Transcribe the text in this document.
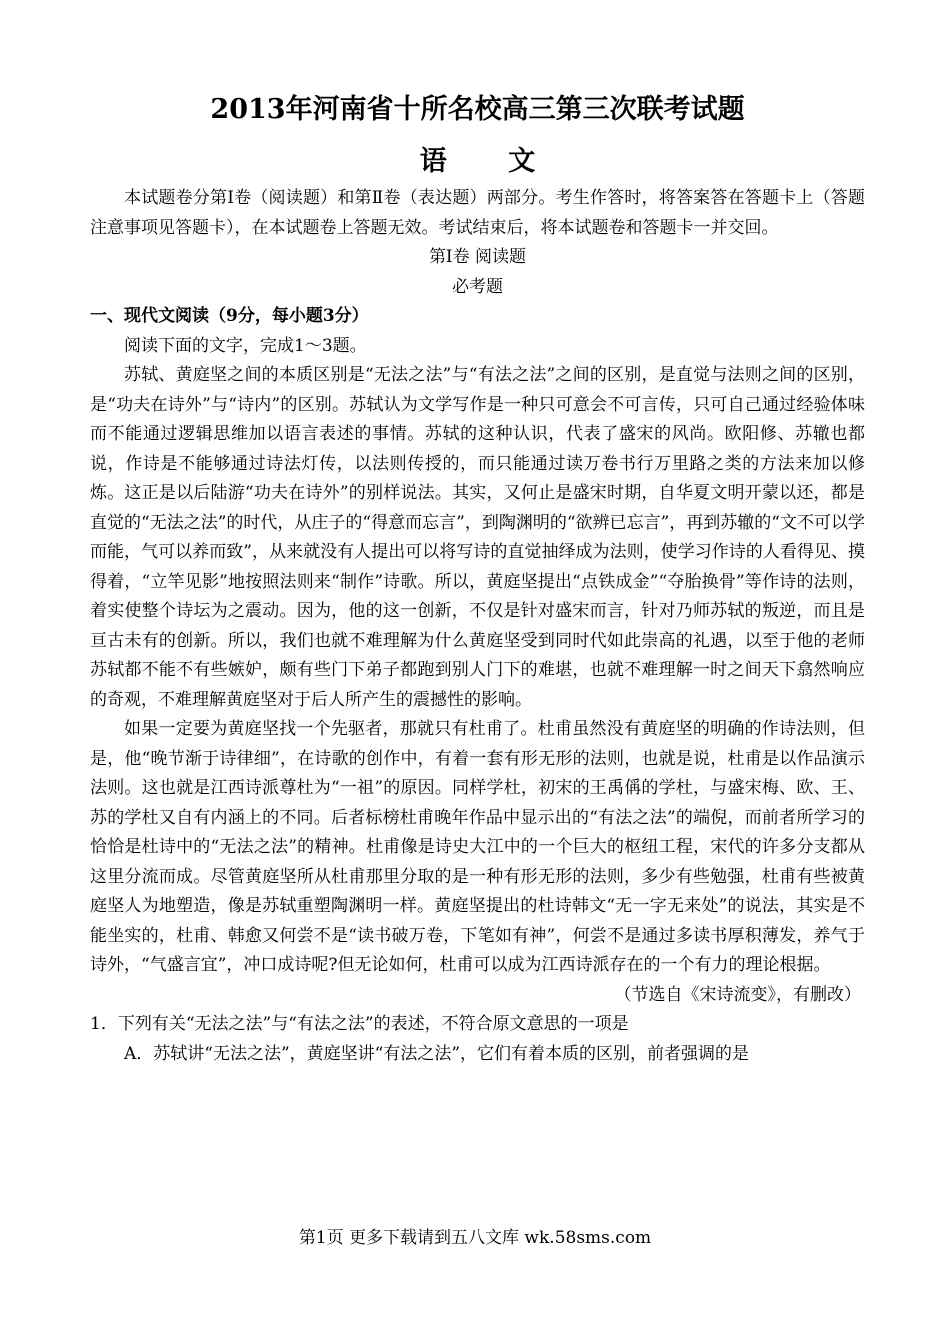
2013年河南省十所名校高三第三次联考试题
语 文

本试题卷分第Ⅰ卷（阅读题）和第Ⅱ卷（表达题）两部分。考生作答时，将答案答在答题卡上（答题注意事项见答题卡），在本试题卷上答题无效。考试结束后，将本试题卷和答题卡一并交回。

第Ⅰ卷 阅读题

必考题

一、现代文阅读（9分，每小题3分）

阅读下面的文字，完成1～3题。

苏轼、黄庭坚之间的本质区别是“无法之法”与“有法之法”之间的区别，是直觉与法则之间的区别，是“功夫在诗外”与“诗内”的区别。苏轼认为文学写作是一种只可意会不可言传，只可自己通过经验体味而不能通过逻辑思维加以语言表述的事情。苏轼的这种认识，代表了盛宋的风尚。欧阳修、苏辙也都说，作诗是不能够通过诗法灯传，以法则传授的，而只能通过读万卷书行万里路之类的方法来加以修炼。这正是以后陆游“功夫在诗外”的别样说法。其实，又何止是盛宋时期，自华夏文明开蒙以还，都是直觉的“无法之法”的时代，从庄子的“得意而忘言”，到陶渊明的“欲辨已忘言”，再到苏辙的“文不可以学而能，气可以养而致”，从来就没有人提出可以将写诗的直觉抽绎成为法则，使学习作诗的人看得见、摸得着，“立竿见影”地按照法则来“制作”诗歌。所以，黄庭坚提出“点铁成金”“夺胎换骨”等作诗的法则，着实使整个诗坛为之震动。因为，他的这一创新，不仅是针对盛宋而言，针对乃师苏轼的叛逆，而且是亘古未有的创新。所以，我们也就不难理解为什么黄庭坚受到同时代如此崇高的礼遇，以至于他的老师苏轼都不能不有些嫉妒，颇有些门下弟子都跑到别人门下的难堪，也就不难理解一时之间天下翕然响应的奇观，不难理解黄庭坚对于后人所产生的震撼性的影响。

如果一定要为黄庭坚找一个先驱者，那就只有杜甫了。杜甫虽然没有黄庭坚的明确的作诗法则，但是，他“晚节渐于诗律细”，在诗歌的创作中，有着一套有形无形的法则，也就是说，杜甫是以作品演示法则。这也就是江西诗派尊杜为“一祖”的原因。同样学杜，初宋的王禹偁的学杜，与盛宋梅、欧、王、苏的学杜又自有内涵上的不同。后者标榜杜甫晚年作品中显示出的“有法之法”的端倪，而前者所学习的恰恰是杜诗中的“无法之法”的精神。杜甫像是诗史大江中的一个巨大的枢纽工程，宋代的许多分支都从这里分流而成。尽管黄庭坚所从杜甫那里分取的是一种有形无形的法则，多少有些勉强，杜甫有些被黄庭坚人为地塑造，像是苏轼重塑陶渊明一样。黄庭坚提出的杜诗韩文“无一字无来处”的说法，其实是不能坐实的，杜甫、韩愈又何尝不是“读书破万卷，下笔如有神”，何尝不是通过多读书厚积薄发，养气于诗外，“气盛言宜”，冲口成诗呢?但无论如何，杜甫可以成为江西诗派存在的一个有力的理论根据。

（节选自《宋诗流变》，有删改）

1．下列有关“无法之法”与“有法之法”的表述，不符合原文意思的一项是

A．苏轼讲“无法之法”，黄庭坚讲“有法之法”，它们有着本质的区别，前者强调的是

第1页 更多下载请到五八文库 wk.58sms.com
